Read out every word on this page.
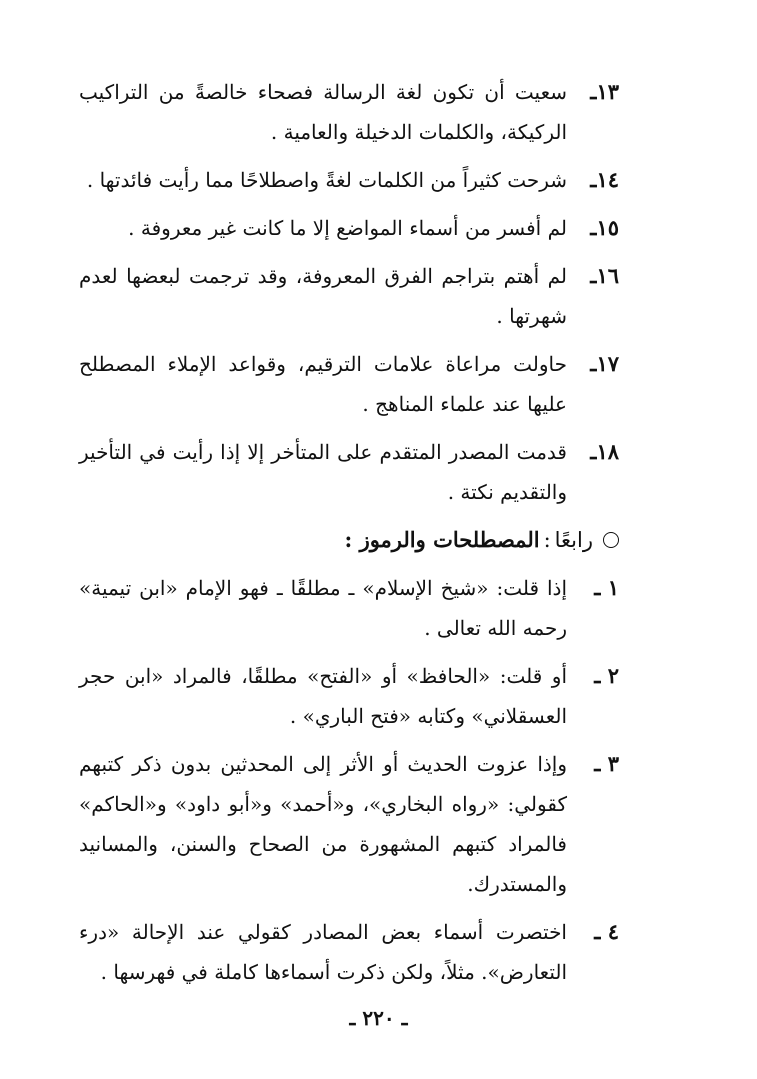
١٣ـ
سعيت أن تكون لغة الرسالة فصحاء خالصةً من التراكيب الركيكة، والكلمات الدخيلة والعامية .
١٤ـ
شرحت كثيراً من الكلمات لغةً واصطلاحًا مما رأيت فائدتها .
١٥ـ
لم أفسر من أسماء المواضع إلا ما كانت غير معروفة .
١٦ـ
لم أهتم بتراجم الفرق المعروفة، وقد ترجمت لبعضها لعدم شهرتها .
١٧ـ
حاولت مراعاة علامات الترقيم، وقواعد الإملاء المصطلح عليها عند علماء المناهج .
١٨ـ
قدمت المصدر المتقدم على المتأخر إلا إذا رأيت في التأخير والتقديم نكتة .
رابعًا
:
المصطلحات والرموز :
١ ـ
إذا قلت: «شيخ الإسلام» ـ مطلقًا ـ فهو الإمام «ابن تيمية» رحمه الله تعالى .
٢ ـ
أو قلت: «الحافظ» أو «الفتح» مطلقًا، فالمراد «ابن حجر العسقلاني» وكتابه «فتح الباري» .
٣ ـ
وإذا عزوت الحديث أو الأثر إلى المحدثين بدون ذكر كتبهم كقولي: «رواه البخاري»، و«أحمد» و«أبو داود» و«الحاكم» فالمراد كتبهم المشهورة من الصحاح والسنن، والمسانيد والمستدرك.
٤ ـ
اختصرت أسماء بعض المصادر كقولي عند الإحالة «درء التعارض». مثلاً، ولكن ذكرت أسماءها كاملة في فهرسها .
ـ ٢٢٠ ـ
